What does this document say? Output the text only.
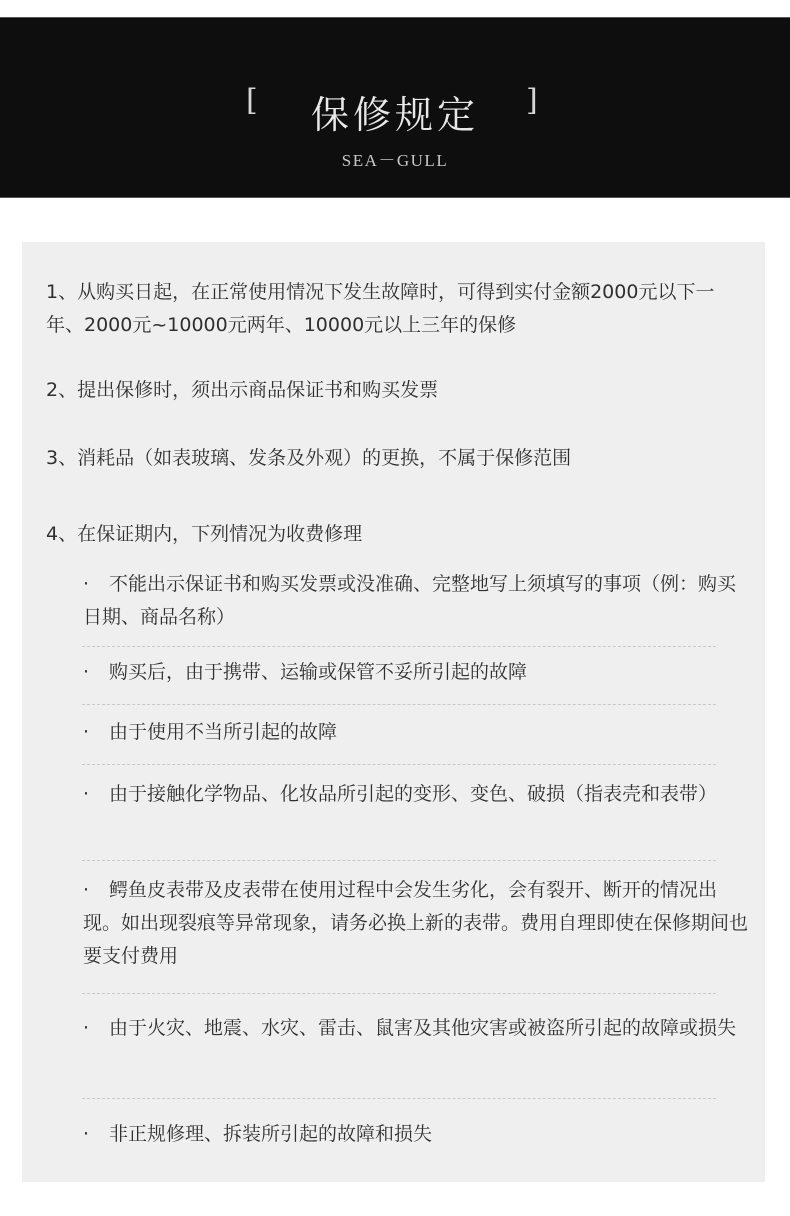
[ 保修规定	]
SEA－GULL
1、从购买日起，在正常使用情况下发生故障时，可得到实付金额2000元以下一年、2000元~10000元两年、10000元以上三年的保修
2、提出保修时，须出示商品保证书和购买发票
3、消耗品（如表玻璃、发条及外观）的更换，不属于保修范围
4、在保证期内，下列情况为收费修理
· 不能出示保证书和购买发票或没准确、完整地写上须填写的事项（例：购买日期、商品名称）
· 购买后，由于携带、运输或保管不妥所引起的故障
· 由于使用不当所引起的故障
· 由于接触化学物品、化妆品所引起的变形、变色、破损（指表壳和表带）
· 鳄鱼皮表带及皮表带在使用过程中会发生劣化，会有裂开、断开的情况出现。如出现裂痕等异常现象，请务必换上新的表带。费用自理即使在保修期间也要支付费用
· 由于火灾、地震、水灾、雷击、鼠害及其他灾害或被盗所引起的故障或损失
· 非正规修理、拆装所引起的故障和损失
